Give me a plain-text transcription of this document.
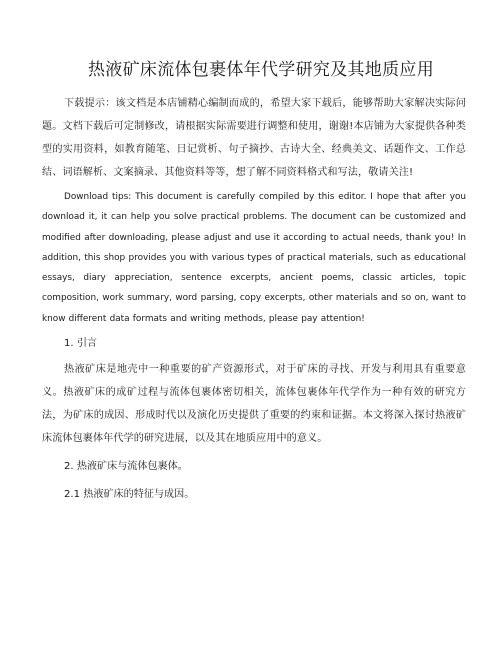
热液矿床流体包裹体年代学研究及其地质应用

下载提示：该文档是本店铺精心编制而成的，希望大家下载后，能够帮助大家解决实际问题。文档下载后可定制修改，请根据实际需要进行调整和使用，谢谢!本店铺为大家提供各种类型的实用资料，如教育随笔、日记赏析、句子摘抄、古诗大全、经典美文、话题作文、工作总结、词语解析、文案摘录、其他资料等等，想了解不同资料格式和写法，敬请关注!

Download tips: This document is carefully compiled by this editor. I hope that after you download it, it can help you solve practical problems. The document can be customized and modified after downloading, please adjust and use it according to actual needs, thank you! In addition, this shop provides you with various types of practical materials, such as educational essays, diary appreciation, sentence excerpts, ancient poems, classic articles, topic composition, work summary, word parsing, copy excerpts, other materials and so on, want to know different data formats and writing methods, please pay attention!

1. 引言

热液矿床是地壳中一种重要的矿产资源形式，对于矿床的寻找、开发与利用具有重要意义。热液矿床的成矿过程与流体包裹体密切相关，流体包裹体年代学作为一种有效的研究方法，为矿床的成因、形成时代以及演化历史提供了重要的约束和证据。本文将深入探讨热液矿床流体包裹体年代学的研究进展，以及其在地质应用中的意义。

2. 热液矿床与流体包裹体。

2.1 热液矿床的特征与成因。
